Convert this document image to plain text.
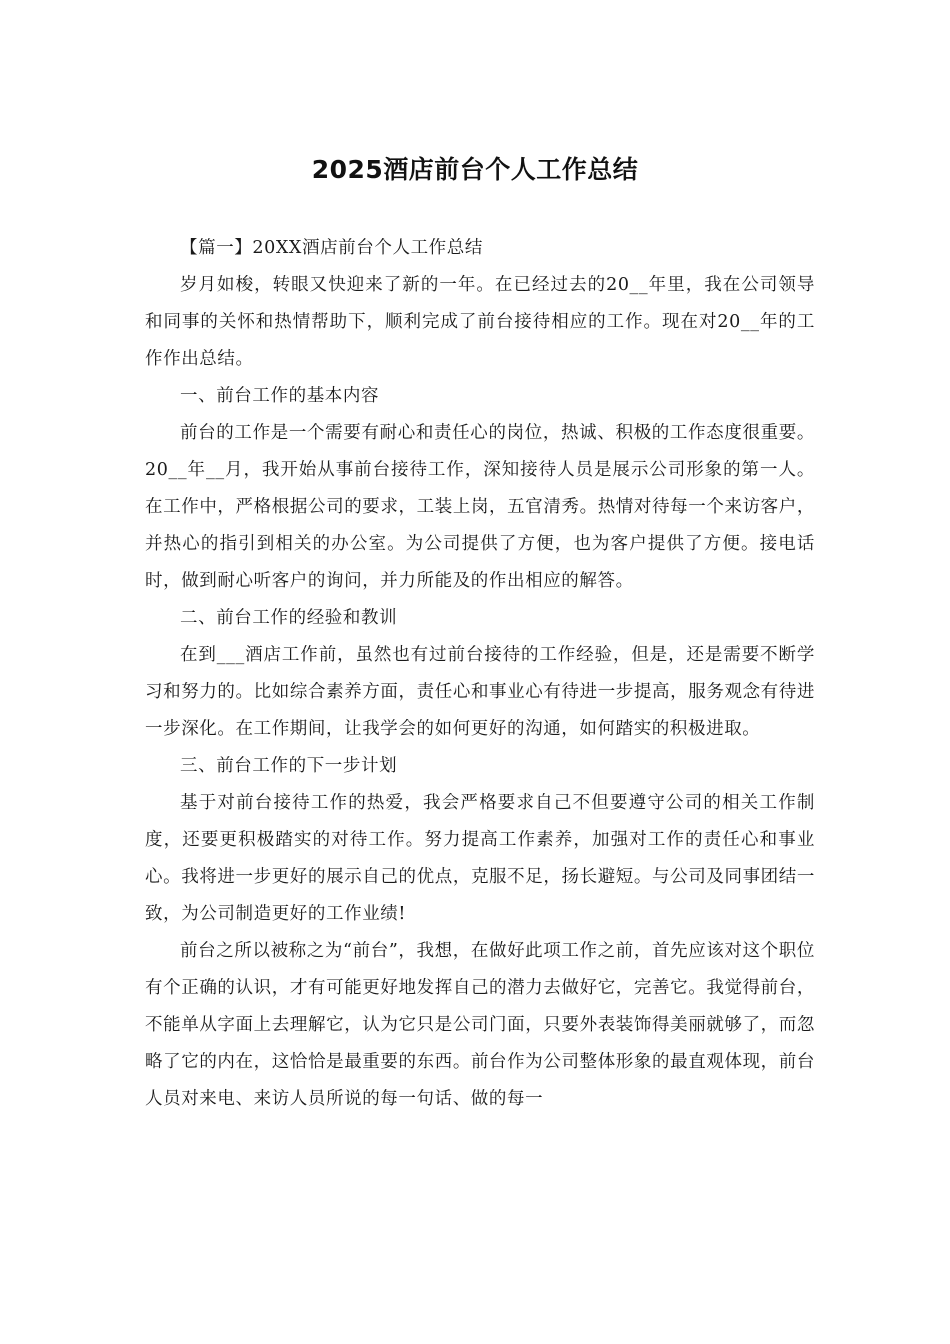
2025酒店前台个人工作总结

【篇一】20XX酒店前台个人工作总结

岁月如梭，转眼又快迎来了新的一年。在已经过去的20__年里，我在公司领导和同事的关怀和热情帮助下，顺利完成了前台接待相应的工作。现在对20__年的工作作出总结。

一、前台工作的基本内容

前台的工作是一个需要有耐心和责任心的岗位，热诚、积极的工作态度很重要。20__年__月，我开始从事前台接待工作，深知接待人员是展示公司形象的第一人。在工作中，严格根据公司的要求，工装上岗，五官清秀。热情对待每一个来访客户，并热心的指引到相关的办公室。为公司提供了方便，也为客户提供了方便。接电话时，做到耐心听客户的询问，并力所能及的作出相应的解答。

二、前台工作的经验和教训

在到___酒店工作前，虽然也有过前台接待的工作经验，但是，还是需要不断学习和努力的。比如综合素养方面，责任心和事业心有待进一步提高，服务观念有待进一步深化。在工作期间，让我学会的如何更好的沟通，如何踏实的积极进取。

三、前台工作的下一步计划

基于对前台接待工作的热爱，我会严格要求自己不但要遵守公司的相关工作制度，还要更积极踏实的对待工作。努力提高工作素养，加强对工作的责任心和事业心。我将进一步更好的展示自己的优点，克服不足，扬长避短。与公司及同事团结一致，为公司制造更好的工作业绩!

前台之所以被称之为“前台”，我想，在做好此项工作之前，首先应该对这个职位有个正确的认识，才有可能更好地发挥自己的潜力去做好它，完善它。我觉得前台，不能单从字面上去理解它，认为它只是公司门面，只要外表装饰得美丽就够了，而忽略了它的内在，这恰恰是最重要的东西。前台作为公司整体形象的最直观体现，前台人员对来电、来访人员所说的每一句话、做的每一
